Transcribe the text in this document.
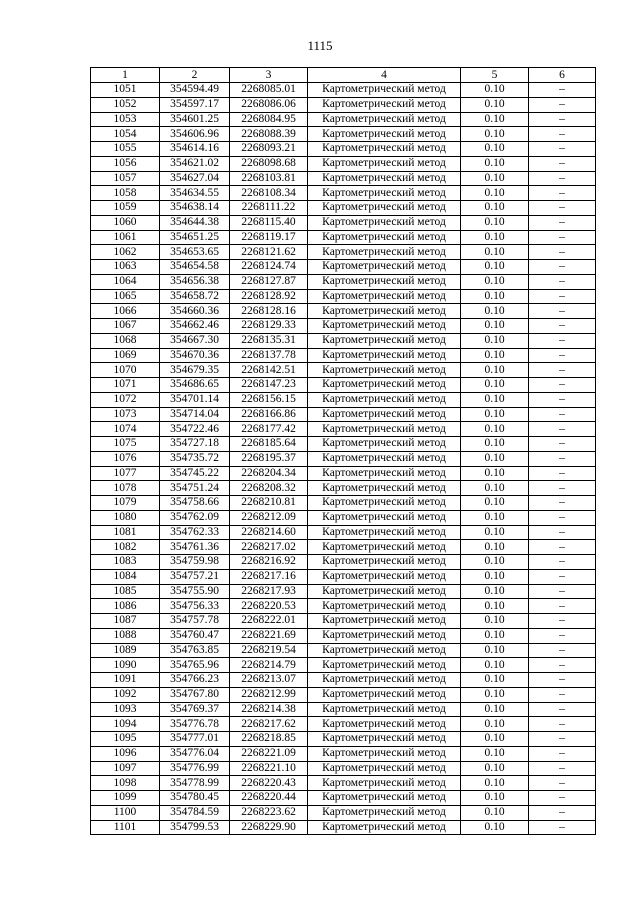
1115
1	2	3	4	5	6
1051	354594.49	2268085.01	Картометрический метод	0.10	–
1052	354597.17	2268086.06	Картометрический метод	0.10	–
1053	354601.25	2268084.95	Картометрический метод	0.10	–
1054	354606.96	2268088.39	Картометрический метод	0.10	–
1055	354614.16	2268093.21	Картометрический метод	0.10	–
1056	354621.02	2268098.68	Картометрический метод	0.10	–
1057	354627.04	2268103.81	Картометрический метод	0.10	–
1058	354634.55	2268108.34	Картометрический метод	0.10	–
1059	354638.14	2268111.22	Картометрический метод	0.10	–
1060	354644.38	2268115.40	Картометрический метод	0.10	–
1061	354651.25	2268119.17	Картометрический метод	0.10	–
1062	354653.65	2268121.62	Картометрический метод	0.10	–
1063	354654.58	2268124.74	Картометрический метод	0.10	–
1064	354656.38	2268127.87	Картометрический метод	0.10	–
1065	354658.72	2268128.92	Картометрический метод	0.10	–
1066	354660.36	2268128.16	Картометрический метод	0.10	–
1067	354662.46	2268129.33	Картометрический метод	0.10	–
1068	354667.30	2268135.31	Картометрический метод	0.10	–
1069	354670.36	2268137.78	Картометрический метод	0.10	–
1070	354679.35	2268142.51	Картометрический метод	0.10	–
1071	354686.65	2268147.23	Картометрический метод	0.10	–
1072	354701.14	2268156.15	Картометрический метод	0.10	–
1073	354714.04	2268166.86	Картометрический метод	0.10	–
1074	354722.46	2268177.42	Картометрический метод	0.10	–
1075	354727.18	2268185.64	Картометрический метод	0.10	–
1076	354735.72	2268195.37	Картометрический метод	0.10	–
1077	354745.22	2268204.34	Картометрический метод	0.10	–
1078	354751.24	2268208.32	Картометрический метод	0.10	–
1079	354758.66	2268210.81	Картометрический метод	0.10	–
1080	354762.09	2268212.09	Картометрический метод	0.10	–
1081	354762.33	2268214.60	Картометрический метод	0.10	–
1082	354761.36	2268217.02	Картометрический метод	0.10	–
1083	354759.98	2268216.92	Картометрический метод	0.10	–
1084	354757.21	2268217.16	Картометрический метод	0.10	–
1085	354755.90	2268217.93	Картометрический метод	0.10	–
1086	354756.33	2268220.53	Картометрический метод	0.10	–
1087	354757.78	2268222.01	Картометрический метод	0.10	–
1088	354760.47	2268221.69	Картометрический метод	0.10	–
1089	354763.85	2268219.54	Картометрический метод	0.10	–
1090	354765.96	2268214.79	Картометрический метод	0.10	–
1091	354766.23	2268213.07	Картометрический метод	0.10	–
1092	354767.80	2268212.99	Картометрический метод	0.10	–
1093	354769.37	2268214.38	Картометрический метод	0.10	–
1094	354776.78	2268217.62	Картометрический метод	0.10	–
1095	354777.01	2268218.85	Картометрический метод	0.10	–
1096	354776.04	2268221.09	Картометрический метод	0.10	–
1097	354776.99	2268221.10	Картометрический метод	0.10	–
1098	354778.99	2268220.43	Картометрический метод	0.10	–
1099	354780.45	2268220.44	Картометрический метод	0.10	–
1100	354784.59	2268223.62	Картометрический метод	0.10	–
1101	354799.53	2268229.90	Картометрический метод	0.10	–
